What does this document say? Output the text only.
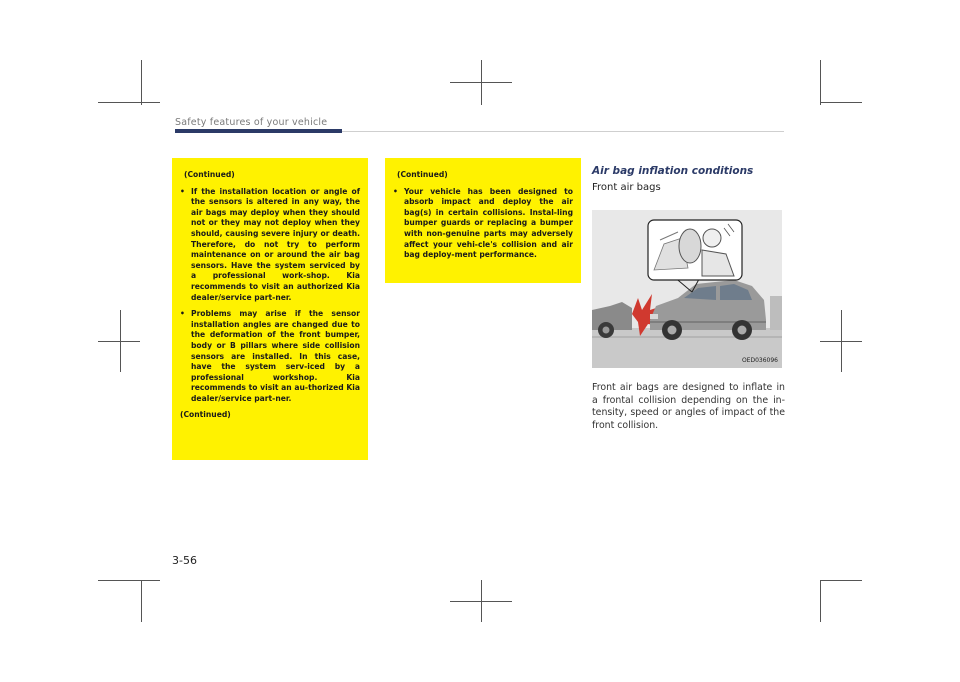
Safety features of your vehicle
(Continued)
• If the installation location or angle of the sensors is altered in any way, the air bags may deploy when they should not or they may not deploy when they should, causing severe injury or death. Therefore, do not try to perform maintenance on or around the air bag sensors. Have the system serviced by a professional work-shop. Kia recommends to visit an authorized Kia dealer/service part-ner.
• Problems may arise if the sensor installation angles are changed due to the deformation of the front bumper, body or B pillars where side collision sensors are installed. In this case, have the system serv-iced by a professional workshop. Kia recommends to visit an au-thorized Kia dealer/service part-ner.
(Continued)
(Continued)
• Your vehicle has been designed to absorb impact and deploy the air bag(s) in certain collisions. Instal-ling bumper guards or replacing a bumper with non-genuine parts may adversely affect your vehi-cle's collision and air bag deploy-ment performance.
Air bag inflation conditions
Front air bags
OED036096
Front air bags are designed to inflate in a frontal collision depending on the in-tensity, speed or angles of impact of the front collision.
3-56
